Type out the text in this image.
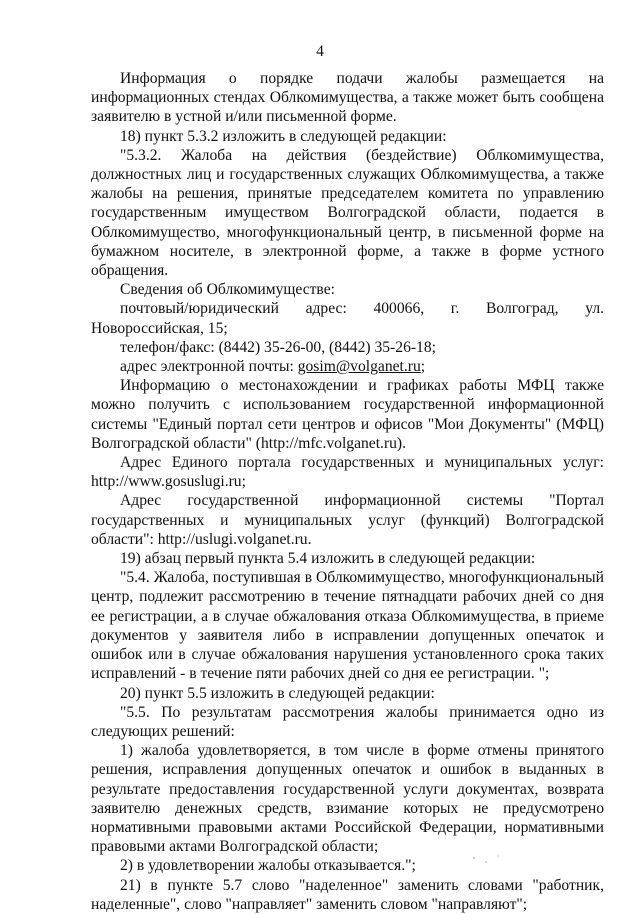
4

Информация о порядке подачи жалобы размещается на информационных стендах Облкомимущества, а также может быть сообщена заявителю в устной и/или письменной форме.

18) пункт 5.3.2 изложить в следующей редакции:

"5.3.2. Жалоба на действия (бездействие) Облкомимущества, должностных лиц и государственных служащих Облкомимущества, а также жалобы на решения, принятые председателем комитета по управлению государственным имуществом Волгоградской области, подается в Облкомимущество, многофункциональный центр, в письменной форме на бумажном носителе, в электронной форме, а также в форме устного обращения.

Сведения об Облкомимуществе:

почтовый/юридический адрес: 400066, г. Волгоград, ул. Новороссийская, 15;

телефон/факс: (8442) 35-26-00, (8442) 35-26-18;

адрес электронной почты: gosim@volganet.ru;

Информацию о местонахождении и графиках работы МФЦ также можно получить с использованием государственной информационной системы "Единый портал сети центров и офисов "Мои Документы" (МФЦ) Волгоградской области" (http://mfc.volganet.ru).

Адрес Единого портала государственных и муниципальных услуг: http://www.gosuslugi.ru;

Адрес государственной информационной системы "Портал государственных и муниципальных услуг (функций) Волгоградской области": http://uslugi.volganet.ru.

19) абзац первый пункта 5.4 изложить в следующей редакции:

"5.4. Жалоба, поступившая в Облкомимущество, многофункциональный центр, подлежит рассмотрению в течение пятнадцати рабочих дней со дня ее регистрации, а в случае обжалования отказа Облкомимущества, в приеме документов у заявителя либо в исправлении допущенных опечаток и ошибок или в случае обжалования нарушения установленного срока таких исправлений - в течение пяти рабочих дней со дня ее регистрации. ";

20) пункт 5.5 изложить в следующей редакции:

"5.5. По результатам рассмотрения жалобы принимается одно из следующих решений:

1) жалоба удовлетворяется, в том числе в форме отмены принятого решения, исправления допущенных опечаток и ошибок в выданных в результате предоставления государственной услуги документах, возврата заявителю денежных средств, взимание которых не предусмотрено нормативными правовыми актами Российской Федерации, нормативными правовыми актами Волгоградской области;

2) в удовлетворении жалобы отказывается.";

21) в пункте 5.7 слово "наделенное" заменить словами "работник, наделенные", слово "направляет" заменить словом "направляют";
